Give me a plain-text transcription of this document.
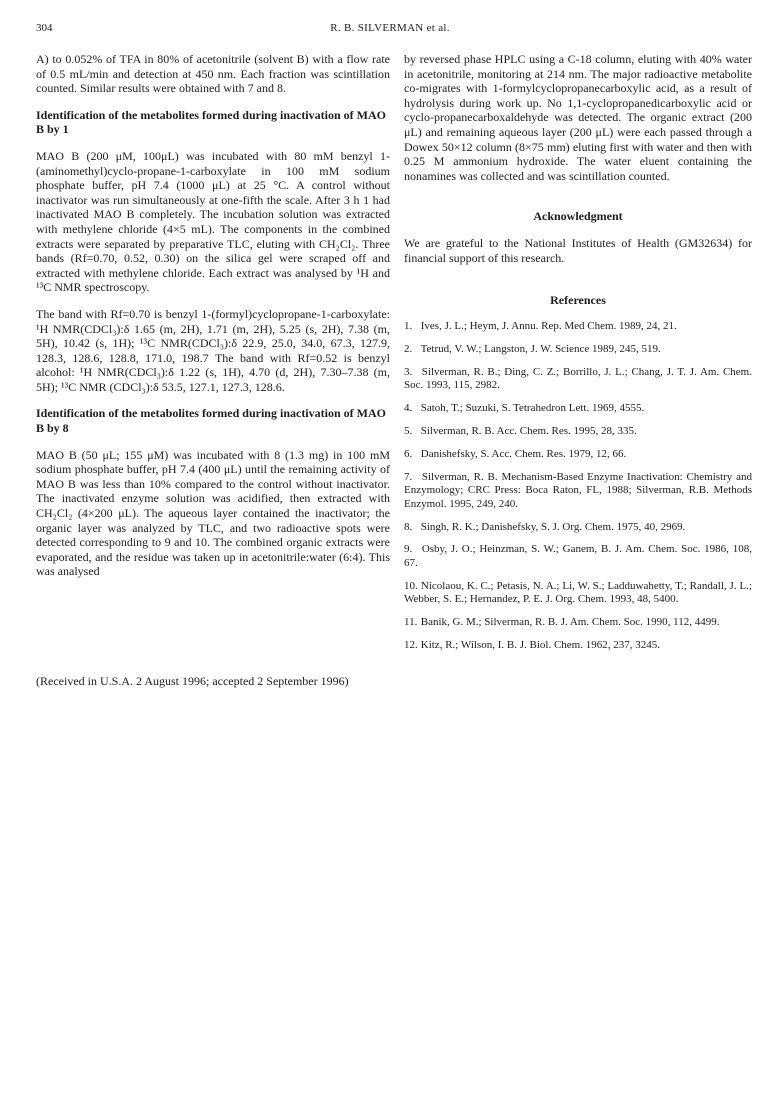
304	R. B. SILVERMAN et al.

A) to 0.052% of TFA in 80% of acetonitrile (solvent B) with a flow rate of 0.5 mL/min and detection at 450 nm. Each fraction was scintillation counted. Similar results were obtained with 7 and 8.

Identification of the metabolites formed during inactivation of MAO B by 1

MAO B (200 μM, 100μL) was incubated with 80 mM benzyl 1-(aminomethyl)cyclo-propane-1-carboxylate in 100 mM sodium phosphate buffer, pH 7.4 (1000 μL) at 25 °C. A control without inactivator was run simultaneously at one-fifth the scale. After 3 h 1 had inactivated MAO B completely. The incubation solution was extracted with methylene chloride (4×5 mL). The components in the combined extracts were separated by preparative TLC, eluting with CH₂Cl₂. Three bands (Rf=0.70, 0.52, 0.30) on the silica gel were scraped off and extracted with methylene chloride. Each extract was analysed by ¹H and ¹³C NMR spectroscopy.

The band with Rf=0.70 is benzyl 1-(formyl)cyclopropane-1-carboxylate: ¹H NMR(CDCl₃):δ 1.65 (m, 2H), 1.71 (m, 2H), 5.25 (s, 2H), 7.38 (m, 5H), 10.42 (s, 1H); ¹³C NMR(CDCl₃):δ 22.9, 25.0, 34.0, 67.3, 127.9, 128.3, 128.6, 128.8, 171.0, 198.7 The band with Rf=0.52 is benzyl alcohol: ¹H NMR(CDCl₃):δ 1.22 (s, 1H), 4.70 (d, 2H), 7.30–7.38 (m, 5H); ¹³C NMR (CDCl₃):δ 53.5, 127.1, 127.3, 128.6.

Identification of the metabolites formed during inactivation of MAO B by 8

MAO B (50 μL; 155 μM) was incubated with 8 (1.3 mg) in 100 mM sodium phosphate buffer, pH 7.4 (400 μL) until the remaining activity of MAO B was less than 10% compared to the control without inactivator. The inactivated enzyme solution was acidified, then extracted with CH₂Cl₂ (4×200 μL). The aqueous layer contained the inactivator; the organic layer was analyzed by TLC, and two radioactive spots were detected corresponding to 9 and 10. The combined organic extracts were evaporated, and the residue was taken up in acetonitrile:water (6:4). This was analysed

by reversed phase HPLC using a C-18 column, eluting with 40% water in acetonitrile, monitoring at 214 nm. The major radioactive metabolite co-migrates with 1-formylcyclopropanecarboxylic acid, as a result of hydrolysis during work up. No 1,1-cyclopropanedicarboxylic acid or cyclo-propanecarboxaldehyde was detected. The organic extract (200 μL) and remaining aqueous layer (200 μL) were each passed through a Dowex 50×12 column (8×75 mm) eluting first with water and then with 0.25 M ammonium hydroxide. The water eluent containing the nonamines was collected and was scintillation counted.

Acknowledgment

We are grateful to the National Institutes of Health (GM32634) for financial support of this research.

References
1. Ives, J. L.; Heym, J. Annu. Rep. Med Chem. 1989, 24, 21.
2. Tetrud, V. W.; Langston, J. W. Science 1989, 245, 519.
3. Silverman, R. B.; Ding, C. Z.; Borrillo, J. L.; Chang, J. T. J. Am. Chem. Soc. 1993, 115, 2982.
4. Satoh, T.; Suzuki, S. Tetrahedron Lett. 1969, 4555.
5. Silverman, R. B. Acc. Chem. Res. 1995, 28, 335.
6. Danishefsky, S. Acc. Chem. Res. 1979, 12, 66.
7. Silverman, R. B. Mechanism-Based Enzyme Inactivation: Chemistry and Enzymology; CRC Press: Boca Raton, FL, 1988; Silverman, R.B. Methods Enzymol. 1995, 249, 240.
8. Singh, R. K.; Danishefsky, S. J. Org. Chem. 1975, 40, 2969.
9. Osby, J. O.; Heinzman, S. W.; Ganem, B. J. Am. Chem. Soc. 1986, 108, 67.
10. Nicolaou, K. C.; Petasis, N. A.; Li, W. S.; Ladduwahetty, T.; Randall, J. L.; Webber, S. E.; Hernandez, P. E. J. Org. Chem. 1993, 48, 5400.
11. Banik, G. M.; Silverman, R. B. J. Am. Chem. Soc. 1990, 112, 4499.
12. Kitz, R.; Wilson, I. B. J. Biol. Chem. 1962, 237, 3245.
(Received in U.S.A. 2 August 1996; accepted 2 September 1996)
